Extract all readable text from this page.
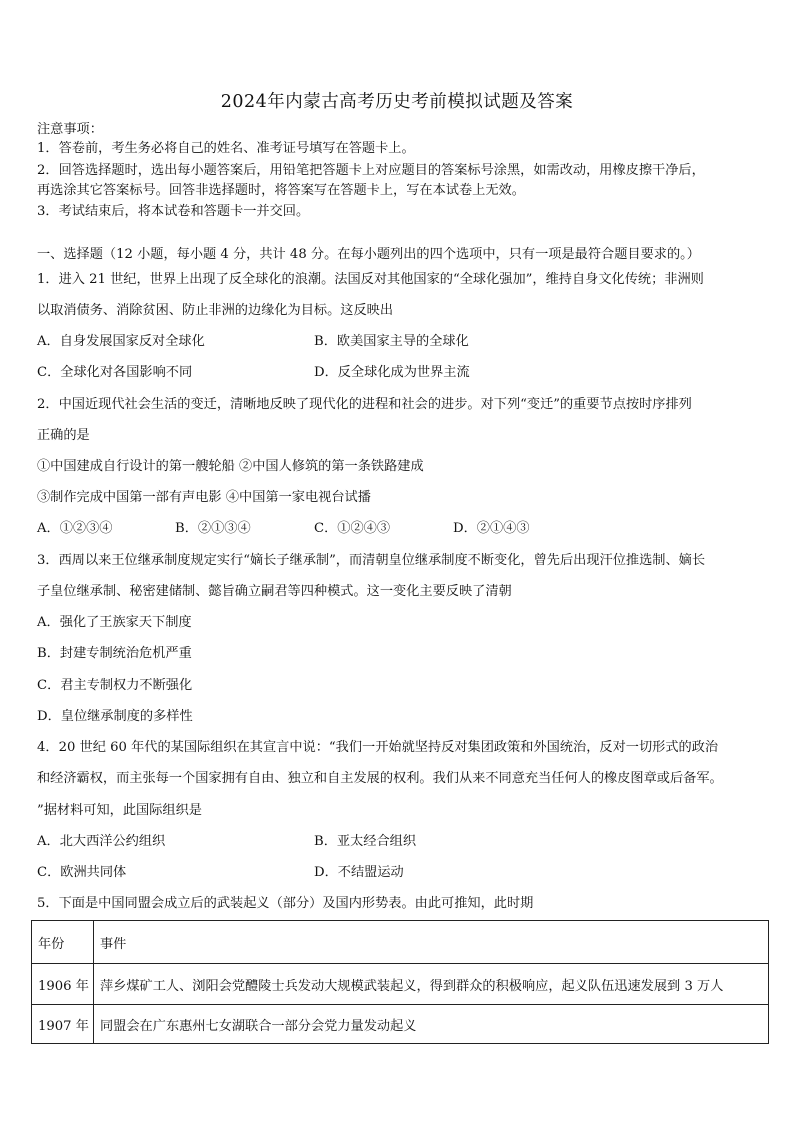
2024年内蒙古高考历史考前模拟试题及答案
注意事项：
1．答卷前，考生务必将自己的姓名、准考证号填写在答题卡上。
2．回答选择题时，选出每小题答案后，用铅笔把答题卡上对应题目的答案标号涂黑，如需改动，用橡皮擦干净后，
再选涂其它答案标号。回答非选择题时，将答案写在答题卡上，写在本试卷上无效。
3．考试结束后，将本试卷和答题卡一并交回。
一、选择题（12 小题，每小题 4 分，共计 48 分。在每小题列出的四个选项中，只有一项是最符合题目要求的。）
1．进入 21 世纪，世界上出现了反全球化的浪潮。法国反对其他国家的“全球化强加”，维持自身文化传统；非洲则
以取消债务、消除贫困、防止非洲的边缘化为目标。这反映出
A．自身发展国家反对全球化	B．欧美国家主导的全球化
C．全球化对各国影响不同	D．反全球化成为世界主流
2．中国近现代社会生活的变迁，清晰地反映了现代化的进程和社会的进步。对下列“变迁”的重要节点按时序排列
正确的是
①中国建成自行设计的第一艘轮船 ②中国人修筑的第一条铁路建成
③制作完成中国第一部有声电影 ④中国第一家电视台试播
A．①②③④	B．②①③④	C．①②④③	D．②①④③
3．西周以来王位继承制度规定实行“嫡长子继承制”，而清朝皇位继承制度不断变化，曾先后出现汗位推选制、嫡长
子皇位继承制、秘密建储制、懿旨确立嗣君等四种模式。这一变化主要反映了清朝
A．强化了王族家天下制度
B．封建专制统治危机严重
C．君主专制权力不断强化
D．皇位继承制度的多样性
4．20 世纪 60 年代的某国际组织在其宣言中说：“我们一开始就坚持反对集团政策和外国统治，反对一切形式的政治
和经济霸权，而主张每一个国家拥有自由、独立和自主发展的权利。我们从来不同意充当任何人的橡皮图章或后备军。
”据材料可知，此国际组织是
A．北大西洋公约组织	B．亚太经合组织
C．欧洲共同体	D．不结盟运动
5．下面是中国同盟会成立后的武装起义（部分）及国内形势表。由此可推知，此时期
年份	事件
1906 年	萍乡煤矿工人、浏阳会党醴陵士兵发动大规模武装起义，得到群众的积极响应，起义队伍迅速发展到 3 万人
1907 年	同盟会在广东惠州七女湖联合一部分会党力量发动起义
